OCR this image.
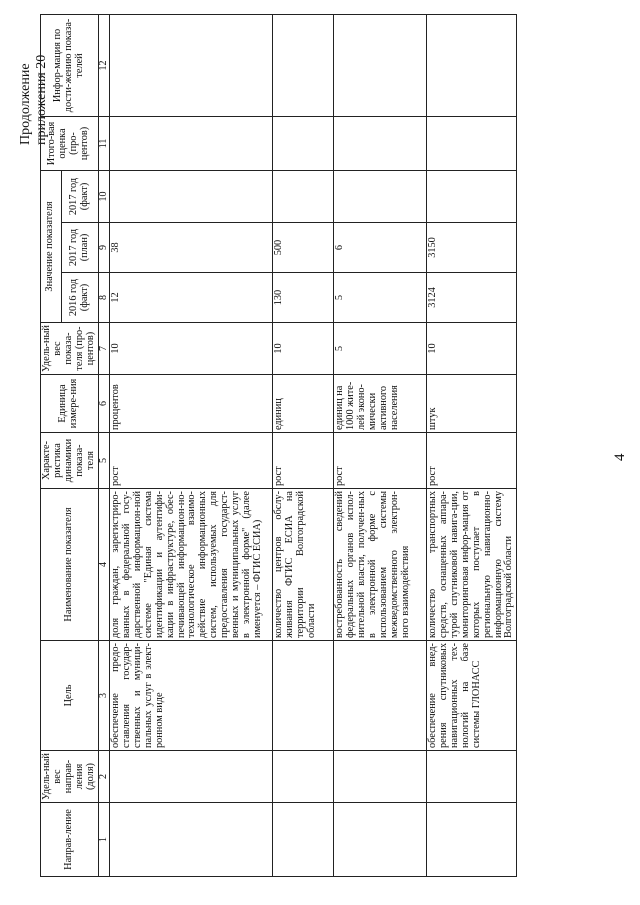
Продолжение приложения 20
Направ-ление	Удель-ный вес направ-ления (доля)	Цель	Наименование показателя	Характе-ристика динамики показа-теля	Единица измере-ния	Удель-ный вес показа-теля (про-центов)	Значение показателя			Итого-вая оценка (про-центов)	Инфор-мация по дости-жению показа-телей
							2016 год (факт)	2017 год (план)	2017 год (факт)		
1	2	3	4	5	6	7	8	9	10	11	12
		обеспечение предо-ставления государ-ственных и муници-пальных услуг в элект-ронном виде	доля граждан, зарегистриро-ванных в федеральной госу-дарственной информацион-ной системе "Единая система идентификации и аутентифи-кации в инфраструктуре, обес-печивающей информацион-но-технологическое взаимо-действие информационных систем, используемых для предоставления государст-венных и муниципальных услуг в электронной форме" (далее именуется – ФГИС ЕСИА)	рост	процентов	10	12	38			
			количество центров обслу-живания ФГИС ЕСИА на территории Волгоградской области	рост	единиц	10	130	500			
			востребованность сведений федеральных органов испол-нительной власти, получен-ных в электронной форме с использованием системы межведомственного электрон-ного взаимодействия	рост	единиц на 1000 жите-лей эконо-мически активного населения	5	5	6			
		обеспечение внед-рения спутниковых навигационных тех-нологий на базе системы ГЛОНАСС	количество транспортных средств, оснащенных аппара-турой спутниковой навига-ции, мониторинговая инфор-мация от которых поступает в региональную навигационно-информационную систему Волгоградской области	рост	штук	10	3124	3150			
4
